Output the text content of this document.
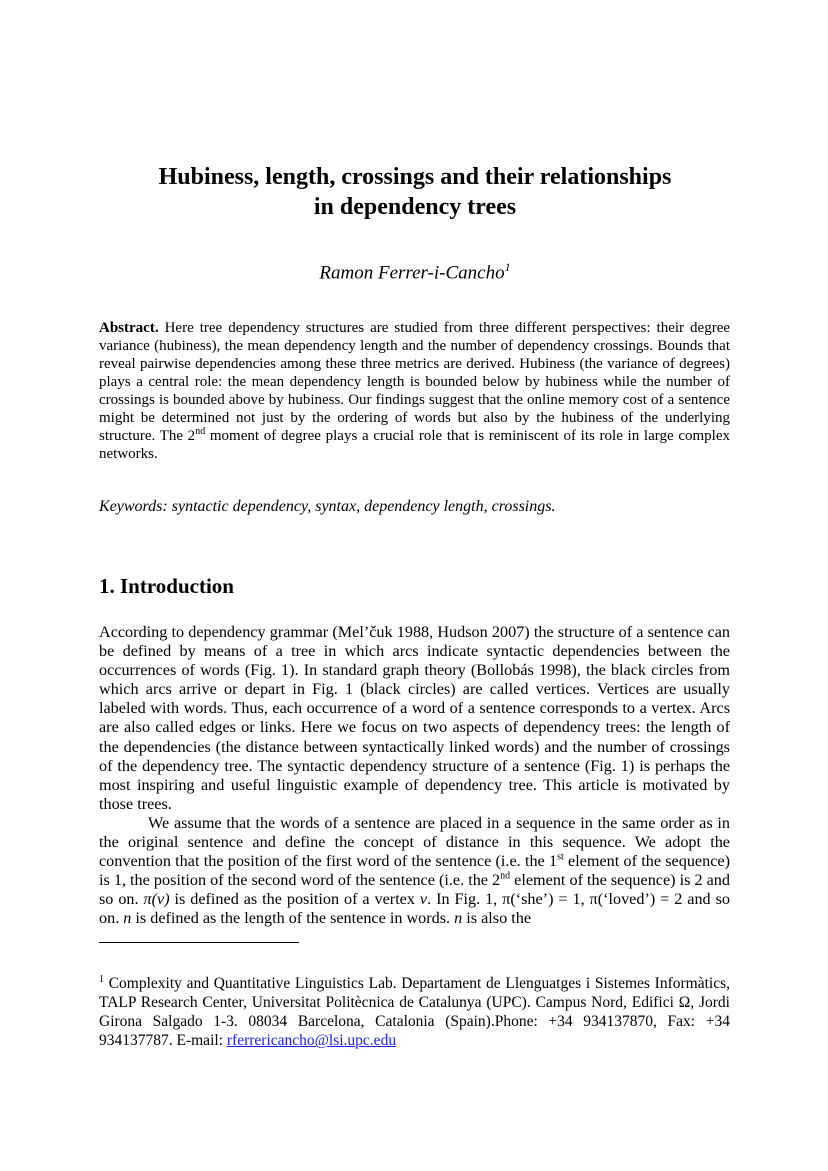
Hubiness, length, crossings and their relationships
in dependency trees
Ramon Ferrer-i-Cancho$^1$
Abstract. Here tree dependency structures are studied from three different perspectives: their degree variance (hubiness), the mean dependency length and the number of dependency crossings. Bounds that reveal pairwise dependencies among these three metrics are derived. Hubiness (the variance of degrees) plays a central role: the mean dependency length is bounded below by hubiness while the number of crossings is bounded above by hubiness. Our findings suggest that the online memory cost of a sentence might be determined not just by the ordering of words but also by the hubiness of the underlying structure. The 2nd moment of degree plays a crucial role that is reminiscent of its role in large complex networks.
Keywords: syntactic dependency, syntax, dependency length, crossings.
1. Introduction

According to dependency grammar (Mel’čuk 1988, Hudson 2007) the structure of a sentence can be defined by means of a tree in which arcs indicate syntactic dependencies between the occurrences of words (Fig. 1). In standard graph theory (Bollobás 1998), the black circles from which arcs arrive or depart in Fig. 1 (black circles) are called vertices. Vertices are usually labeled with words. Thus, each occurrence of a word of a sentence corresponds to a vertex. Arcs are also called edges or links. Here we focus on two aspects of dependency trees: the length of the dependencies (the distance between syntactically linked words) and the number of crossings of the dependency tree. The syntactic dependency structure of a sentence (Fig. 1) is perhaps the most inspiring and useful linguistic example of dependency tree. This article is motivated by those trees.

We assume that the words of a sentence are placed in a sequence in the same order as in the original sentence and define the concept of distance in this sequence. We adopt the convention that the position of the first word of the sentence (i.e. the 1st element of the sequence) is 1, the position of the second word of the sentence (i.e. the 2nd element of the sequence) is 2 and so on. π(v) is defined as the position of a vertex v. In Fig. 1, π(‘she’) = 1, π(‘loved’) = 2 and so on. n is defined as the length of the sentence in words. n is also the

$^1$ Complexity and Quantitative Linguistics Lab. Departament de Llenguatges i Sistemes Informàtics, TALP Research Center, Universitat Politècnica de Catalunya (UPC). Campus Nord, Edifici Ω, Jordi Girona Salgado 1-3. 08034 Barcelona, Catalonia (Spain).Phone: +34 934137870, Fax: +34 934137787. E-mail: rferrericancho@lsi.upc.edu
